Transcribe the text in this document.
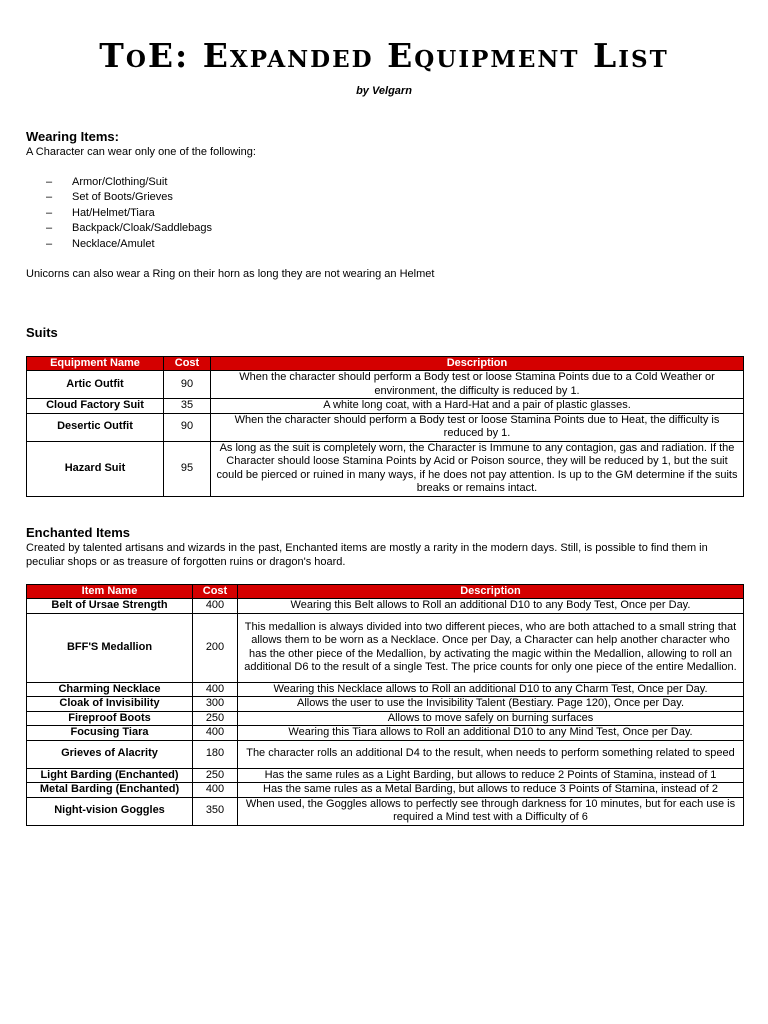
ToE: Expanded Equipment List
by Velgarn
Wearing Items:
A Character can wear only one of the following:
– Armor/Clothing/Suit
– Set of Boots/Grieves
– Hat/Helmet/Tiara
– Backpack/Cloak/Saddlebags
– Necklace/Amulet
Unicorns can also wear a Ring on their horn as long they are not wearing an Helmet
Suits
Equipment Name	Cost	Description
Artic Outfit	90	When the character should perform a Body test or loose Stamina Points due to a Cold Weather or environment, the difficulty is reduced by 1.
Cloud Factory Suit	35	A white long coat, with a Hard-Hat and a pair of plastic glasses.
Desertic Outfit	90	When the character should perform a Body test or loose Stamina Points due to Heat, the difficulty is reduced by 1.
Hazard Suit	95	As long as the suit is completely worn, the Character is Immune to any contagion, gas and radiation. If the Character should loose Stamina Points by Acid or Poison source, they will be reduced by 1, but the suit could be pierced or ruined in many ways, if he does not pay attention. Is up to the GM determine if the suits breaks or remains intact.
Enchanted Items
Created by talented artisans and wizards in the past, Enchanted items are mostly a rarity in the modern days. Still, is possible to find them in peculiar shops or as treasure of forgotten ruins or dragon's hoard.
Item Name	Cost	Description
Belt of Ursae Strength	400	Wearing this Belt allows to Roll an additional D10 to any Body Test, Once per Day.
BFF'S Medallion	200	This medallion is always divided into two different pieces, who are both attached to a small string that allows them to be worn as a Necklace. Once per Day, a Character can help another character who has the other piece of the Medallion, by activating the magic within the Medallion, allowing to roll an additional D6 to the result of a single Test. The price counts for only one piece of the entire Medallion.
Charming Necklace	400	Wearing this Necklace allows to Roll an additional D10 to any Charm Test, Once per Day.
Cloak of Invisibility	300	Allows the user to use the Invisibility Talent (Bestiary. Page 120), Once per Day.
Fireproof Boots	250	Allows to move safely on burning surfaces
Focusing Tiara	400	Wearing this Tiara allows to Roll an additional D10 to any Mind Test, Once per Day.
Grieves of Alacrity	180	The character rolls an additional D4 to the result, when needs to perform something related to speed
Light Barding (Enchanted)	250	Has the same rules as a Light Barding, but allows to reduce 2 Points of Stamina, instead of 1
Metal Barding (Enchanted)	400	Has the same rules as a Metal Barding, but allows to reduce 3 Points of Stamina, instead of 2
Night-vision Goggles	350	When used, the Goggles allows to perfectly see through darkness for 10 minutes, but for each use is required a Mind test with a Difficulty of 6
